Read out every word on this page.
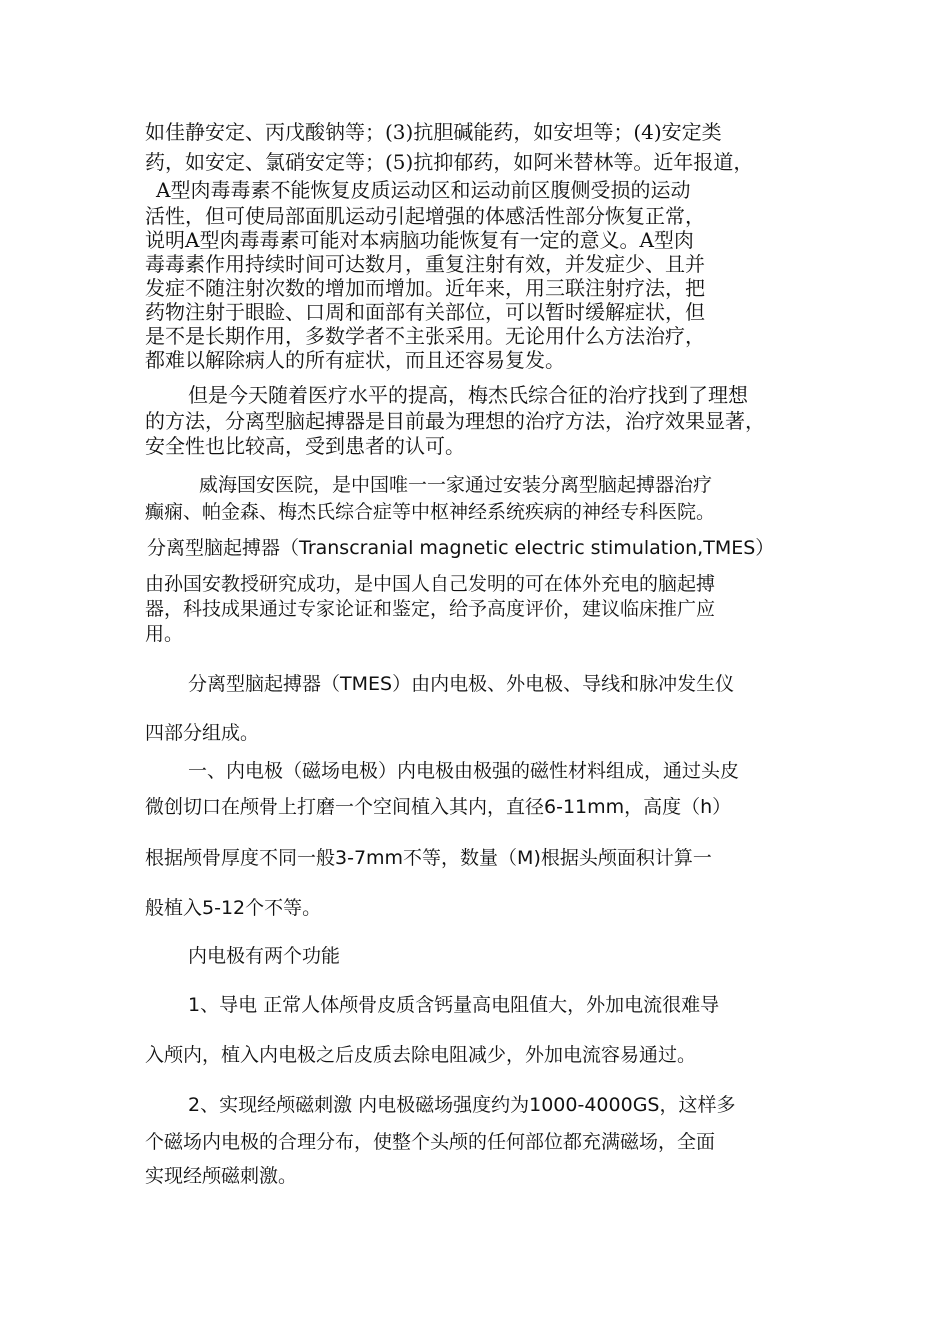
如佳静安定、丙戊酸钠等；(3)抗胆碱能药，如安坦等；(4)安定类

药，如安定、氯硝安定等；(5)抗抑郁药，如阿米替林等。近年报道，

A型肉毒毒素不能恢复皮质运动区和运动前区腹侧受损的运动

活性，但可使局部面肌运动引起增强的体感活性部分恢复正常，

说明A型肉毒毒素可能对本病脑功能恢复有一定的意义。A型肉

毒毒素作用持续时间可达数月，重复注射有效，并发症少、且并

发症不随注射次数的增加而增加。近年来，用三联注射疗法，把

药物注射于眼睑、口周和面部有关部位，可以暂时缓解症状，但

是不是长期作用，多数学者不主张采用。无论用什么方法治疗，

都难以解除病人的所有症状，而且还容易复发。

但是今天随着医疗水平的提高，梅杰氏综合征的治疗找到了理想

的方法，分离型脑起搏器是目前最为理想的治疗方法，治疗效果显著，

安全性也比较高，受到患者的认可。

威海国安医院，是中国唯一一家通过安装分离型脑起搏器治疗

癫痫、帕金森、梅杰氏综合症等中枢神经系统疾病的神经专科医院。

分离型脑起搏器（Transcranial magnetic electric stimulation,TMES）

由孙国安教授研究成功，是中国人自己发明的可在体外充电的脑起搏

器，科技成果通过专家论证和鉴定，给予高度评价，建议临床推广应

用。

分离型脑起搏器（TMES）由内电极、外电极、导线和脉冲发生仪

四部分组成。

一、内电极（磁场电极）内电极由极强的磁性材料组成，通过头皮

微创切口在颅骨上打磨一个空间植入其内，直径6-11mm，高度（h）

根据颅骨厚度不同一般3-7mm不等，数量（M)根据头颅面积计算一

般植入5-12个不等。

内电极有两个功能

1、导电 正常人体颅骨皮质含钙量高电阻值大，外加电流很难导

入颅内，植入内电极之后皮质去除电阻减少，外加电流容易通过。

2、实现经颅磁刺激 内电极磁场强度约为1000-4000GS，这样多

个磁场内电极的合理分布，使整个头颅的任何部位都充满磁场，全面

实现经颅磁刺激。
